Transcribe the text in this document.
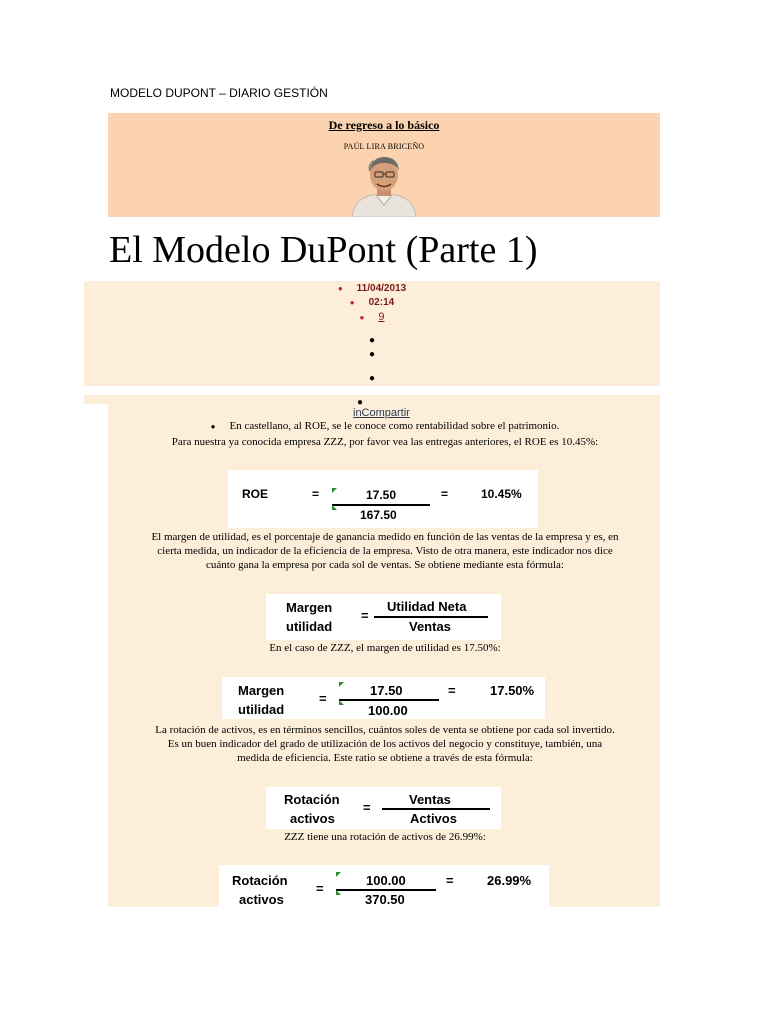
MODELO DUPONT – DIARIO GESTIÓN
De regreso a lo básico
PAÚL LIRA BRICEÑO
El Modelo DuPont (Parte 1)
● 11/04/2013
● 02:14
● 9
●
●
●
●
inCompartir
● En castellano, al ROE, se le conoce como rentabilidad sobre el patrimonio.
Para nuestra ya conocida empresa ZZZ, por favor vea las entregas anteriores, el ROE es 10.45%:
ROE	=	17.50
167.50
=	10.45%
El margen de utilidad, es el porcentaje de ganancia medido en función de las ventas de la empresa y es, en
cierta medida, un indicador de la eficiencia de la empresa. Visto de otra manera, este indicador nos dice
cuánto gana la empresa por cada sol de ventas. Se obtiene mediante esta fórmula:
Margen
utilidad
=
Utilidad Neta
Ventas
En el caso de ZZZ, el margen de utilidad es 17.50%:
Margen
utilidad
=
17.50
100.00
=	17.50%
La rotación de activos, es en términos sencillos, cuántos soles de venta se obtiene por cada sol invertido.
Es un buen indicador del grado de utilización de los activos del negocio y constituye, también, una
medida de eficiencia. Este ratio se obtiene a través de esta fórmula:
Rotación
activos
=
Ventas
Activos
ZZZ tiene una rotación de activos de 26.99%:
Rotación
activos
=
100.00
370.50
=	26.99%
